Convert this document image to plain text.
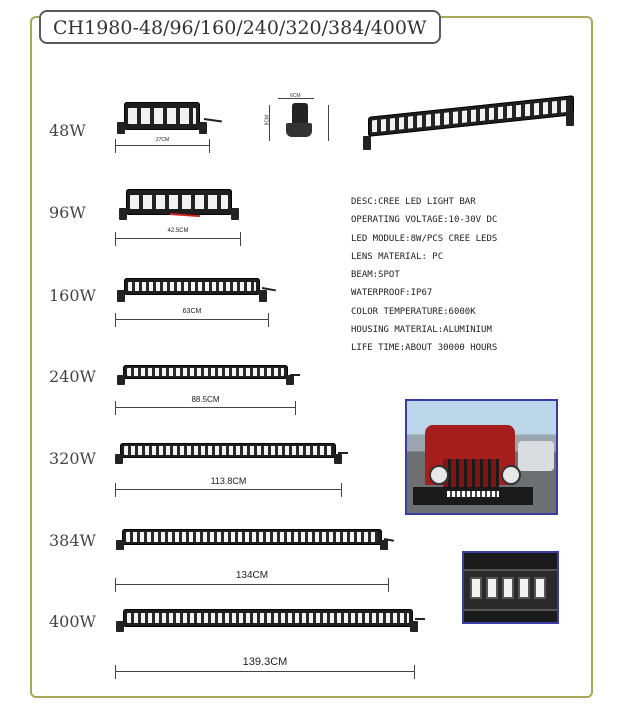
CH1980-48/96/160/240/320/384/400W
48W
96W
160W
240W
320W
384W
400W
27CM
6CM
8CM
DESC:CREE LED LIGHT BAR
OPERATING VOLTAGE:10-30V DC
LED MODULE:8W/PCS CREE LEDS
LENS MATERIAL: PC
BEAM:SPOT
WATERPROOF:IP67
COLOR TEMPERATURE:6000K
HOUSING MATERIAL:ALUMINIUM
LIFE TIME:ABOUT 30000 HOURS
42.5CM
63CM
88.5CM
113.8CM
134CM
139.3CM
